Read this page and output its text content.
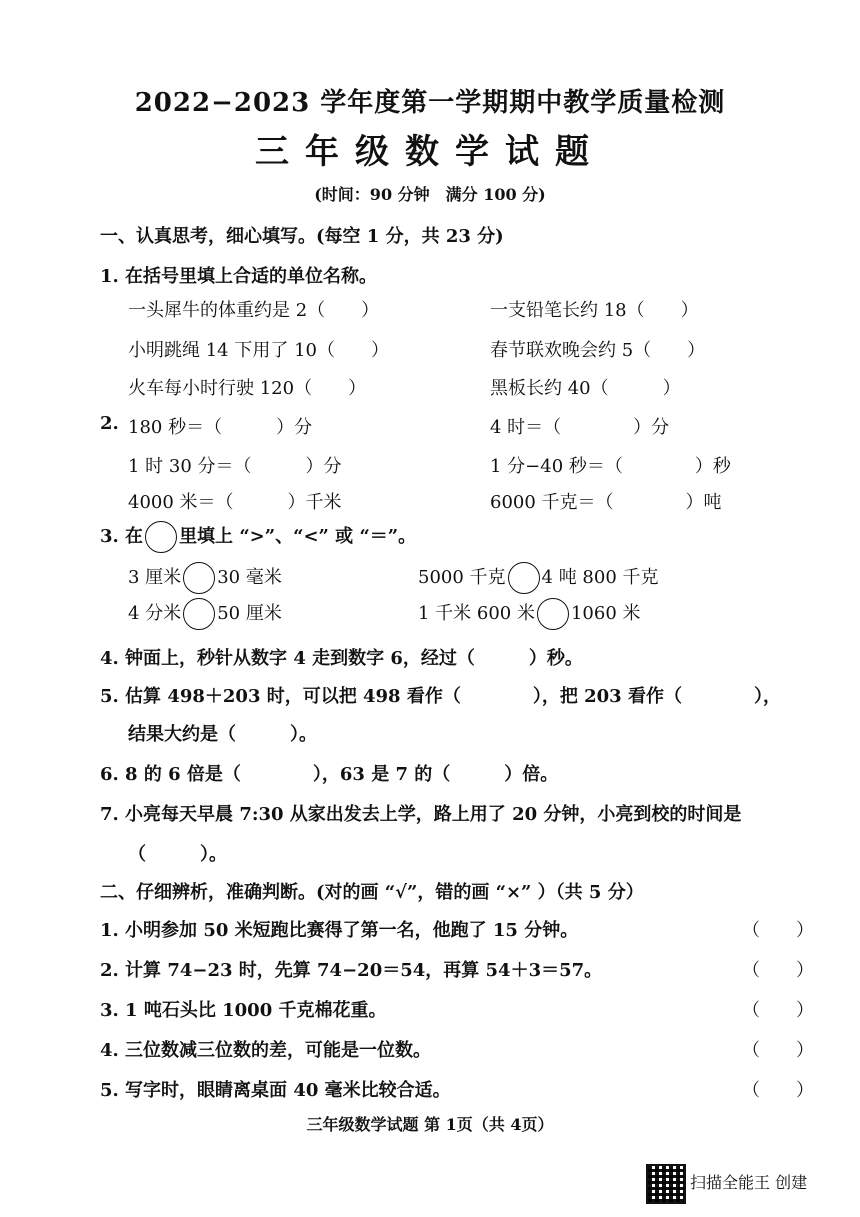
2022−2023 学年度第一学期期中教学质量检测
三年级数学试题
(时间：90 分钟　满分 100 分)
一、认真思考，细心填写。(每空 1 分，共 23 分)
1. 在括号里填上合适的单位名称。
一头犀牛的体重约是 2（　　）	一支铅笔长约 18（　　）
小明跳绳 14 下用了 10（　　）	春节联欢晚会约 5（　　）
火车每小时行驶 120（　　）	黑板长约 40（　　　）
2. 180 秒＝（　　　）分	4 时＝（　　　　）分
1 时 30 分＝（　　　）分	1 分−40 秒＝（　　　　）秒
4000 米＝（　　　）千米	6000 千克＝（　　　　）吨
3. 在 里填上 “>”、“<” 或 “＝”。
3 厘米 30 毫米	5000 千克 4 吨 800 千克
4 分米 50 厘米	1 千米 600 米 1060 米
4. 钟面上，秒针从数字 4 走到数字 6，经过（　　　）秒。
5. 估算 498＋203 时，可以把 498 看作（　　　　），把 203 看作（　　　　），
结果大约是（　　　）。
6. 8 的 6 倍是（　　　　），63 是 7 的（　　　）倍。
7. 小亮每天早晨 7:30 从家出发去上学，路上用了 20 分钟，小亮到校的时间是
（　　　）。
二、仔细辨析，准确判断。(对的画 “√”，错的画 “×” ）（共 5 分）
1. 小明参加 50 米短跑比赛得了第一名，他跑了 15 分钟。	（　　）
2. 计算 74−23 时，先算 74−20＝54，再算 54＋3＝57。	（　　）
3. 1 吨石头比 1000 千克棉花重。	（　　）
4. 三位数减三位数的差，可能是一位数。	（　　）
5. 写字时，眼睛离桌面 40 毫米比较合适。	（　　）
三年级数学试题 第 1页（共 4页）
扫描全能王 创建
